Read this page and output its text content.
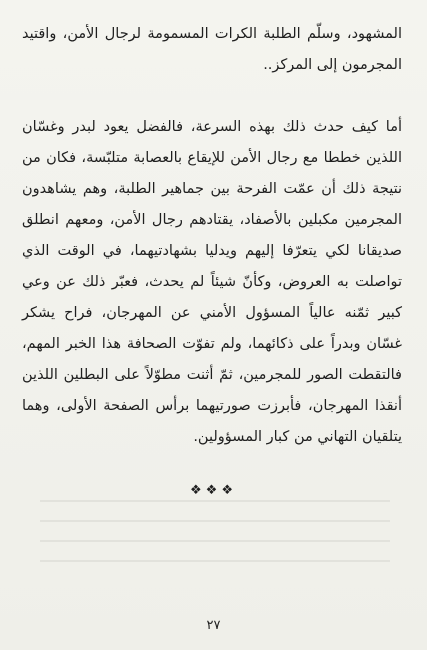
المشهود، وسلّم الطلبة الكرات المسمومة لرجال الأمن، واقتيد المجرمون إلى المركز..

أما كيف حدث ذلك بهذه السرعة، فالفضل يعود لبدر وغسّان اللذين خططا مع رجال الأمن للإيقاع بالعصابة متلبّسة، فكان من نتيجة ذلك أن عمّت الفرحة بين جماهير الطلبة، وهم يشاهدون المجرمين مكبلين بالأصفاد، يقتادهم رجال الأمن، ومعهم انطلق صديقانا لكي يتعرّفا إليهم ويدليا بشهادتيهما، في الوقت الذي تواصلت به العروض، وكأنّ شيئاً لم يحدث، فعبّر ذلك عن وعي كبير ثمّنه عالياً المسؤول الأمني عن المهرجان، فراح يشكر غسّان وبدراً على ذكائهما، ولم تفوّت الصحافة هذا الخبر المهم، فالتقطت الصور للمجرمين، ثمّ أثنت مطوّلاً على البطلين اللذين أنقذا المهرجان، فأبرزت صورتيهما برأس الصفحة الأولى، وهما يتلقيان التهاني من كبار المسؤولين.

❖❖❖
٢٧
